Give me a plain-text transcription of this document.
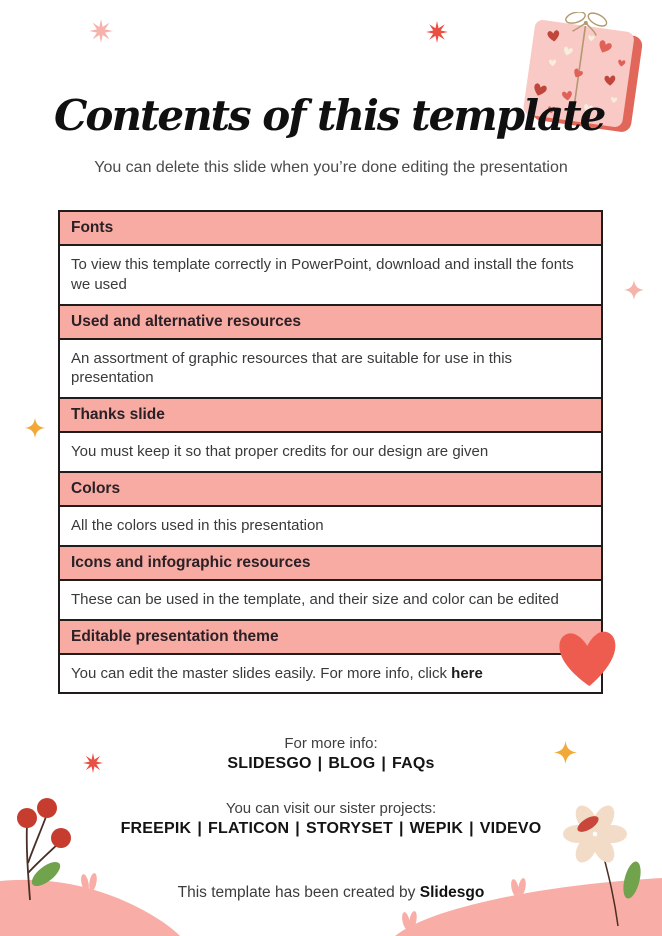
Contents of this template
You can delete this slide when you’re done editing the presentation
Fonts
To view this template correctly in PowerPoint, download and install the fonts we used
Used and alternative resources
An assortment of graphic resources that are suitable for use in this presentation
Thanks slide
You must keep it so that proper credits for our design are given
Colors
All the colors used in this presentation
Icons and infographic resources
These can be used in the template, and their size and color can be edited
Editable presentation theme
You can edit the master slides easily. For more info, click here
For more info:
SLIDESGO | BLOG | FAQs
You can visit our sister projects:
FREEPIK | FLATICON | STORYSET | WEPIK | VIDEVO
This template has been created by Slidesgo
